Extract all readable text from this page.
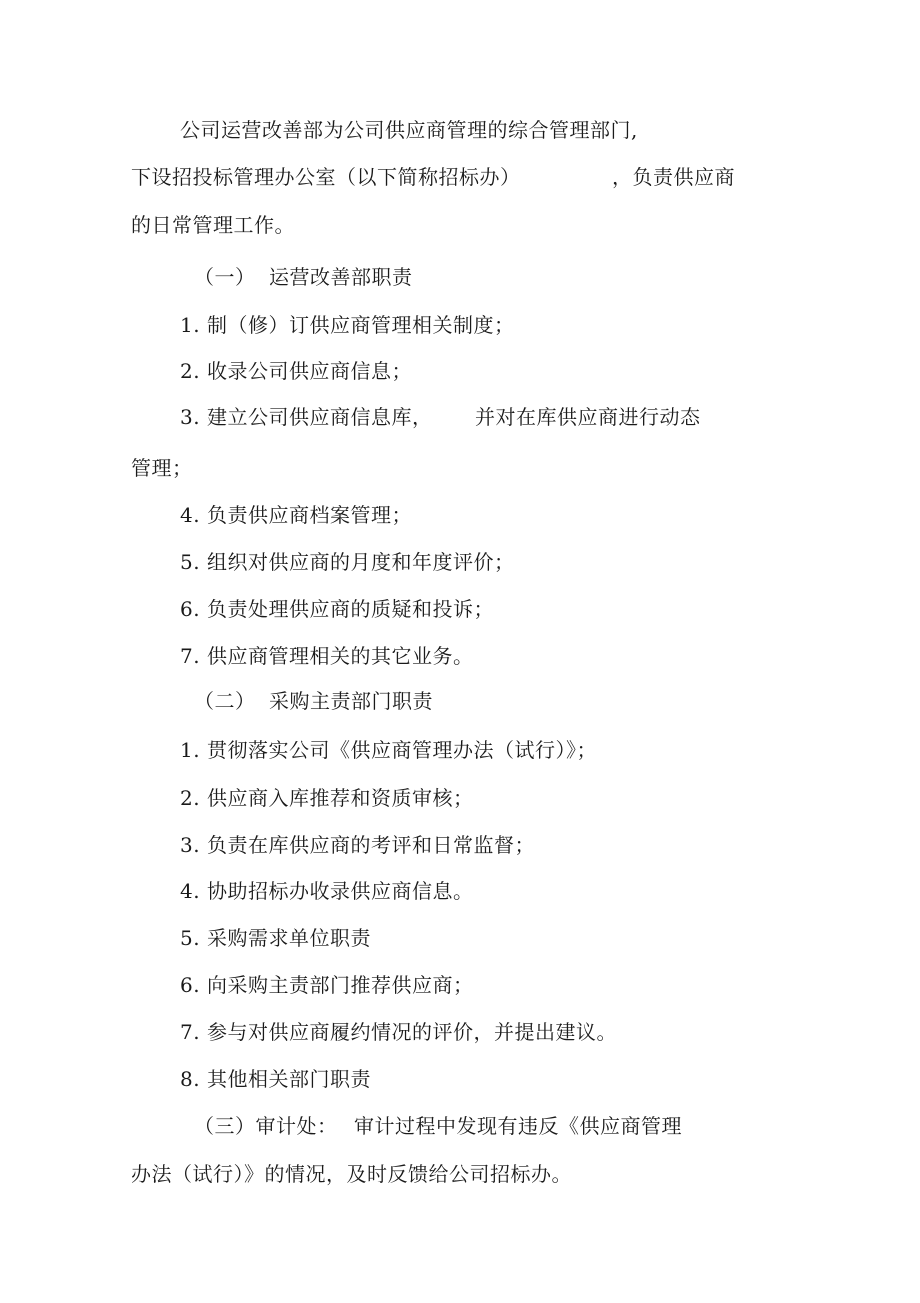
公司运营改善部为公司供应商管理的综合管理部门,
下设招投标管理办公室（以下简称招标办）	，负责供应商
的日常管理工作。
（一） 运营改善部职责
1. 制（修）订供应商管理相关制度；
2. 收录公司供应商信息；
3. 建立公司供应商信息库， 并对在库供应商进行动态
管理；
4. 负责供应商档案管理；
5. 组织对供应商的月度和年度评价；
6. 负责处理供应商的质疑和投诉；
7. 供应商管理相关的其它业务。
（二） 采购主责部门职责
1. 贯彻落实公司《供应商管理办法（试行）》；
2. 供应商入库推荐和资质审核；
3. 负责在库供应商的考评和日常监督；
4. 协助招标办收录供应商信息。
5. 采购需求单位职责
6. 向采购主责部门推荐供应商；
7. 参与对供应商履约情况的评价，并提出建议。
8. 其他相关部门职责
（三）审计处： 审计过程中发现有违反《供应商管理
办法（试行）》的情况，及时反馈给公司招标办。
